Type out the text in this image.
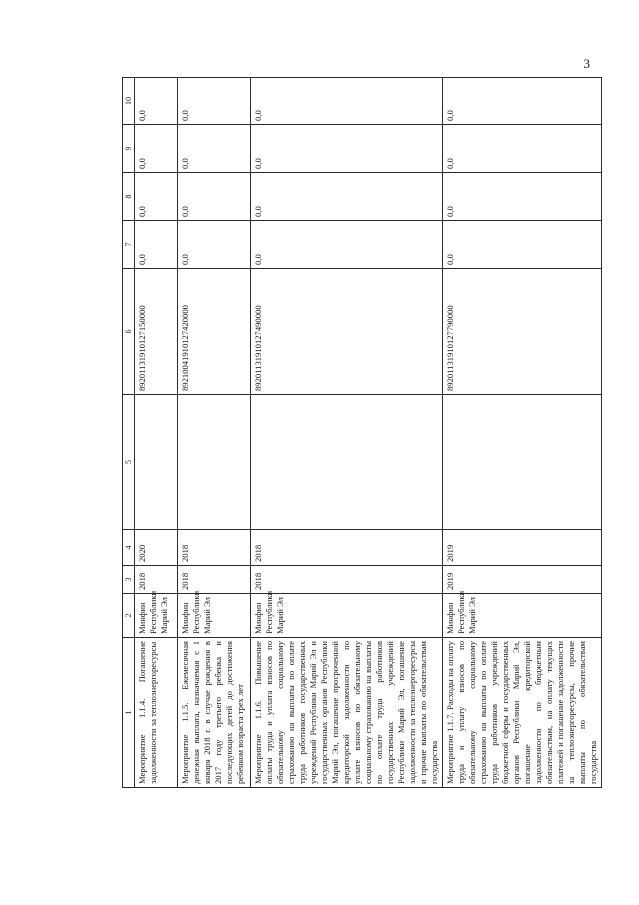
3
1	2	3	4	5	6	7	8	9	10
Мероприятие 1.1.4. Погашение задолженности за теплоэнергоресурсы	Минфин Республики Марий Эл	2018	2020		89201131910127150000	0,0	0,0	0,0	0,0
Мероприятие 1.1.5. Ежемесячная денежная выплата, назначаемая с 1 января 2018 г. в случае рождения в 2017 году третьего ребенка и последующих детей до достижения ребенком возраста трех лет	Минфин Республики Марий Эл	2018	2018		89210041910127420000	0,0	0,0	0,0	0,0
Мероприятие 1.1.6. Повышение оплаты труда и уплата взносов по обязательному социальному страхованию на выплаты по оплате труда работников государственных учреждений Республики Марий Эл и государственных органов Республики Марий Эл, погашение просроченной кредиторской задолженности по уплате взносов по обязательному социальному страхованию на выплаты по оплате труда работников государственных учреждений Республики Марий Эл, погашение задолженности за теплоэнергоресурсы и прочие выплаты по обязательствам государства	Минфин Республики Марий Эл	2018	2018		89201131910127490000	0,0	0,0	0,0	0,0
Мероприятие 1.1.7. Расходы на оплату труда и уплату взносов по обязательному социальному страхованию на выплаты по оплате труда работников учреждений бюджетной сферы и государственных органов Республики Марий Эл, погашение кредиторской задолженности по бюджетным обязательствам, на оплату текущих платежей и погашение задолженности за теплоэнергоресурсы, прочие выплаты по обязательствам государства	Минфин Республики Марий Эл	2019	2019		89201131910127790000	0,0	0,0	0,0	0,0
